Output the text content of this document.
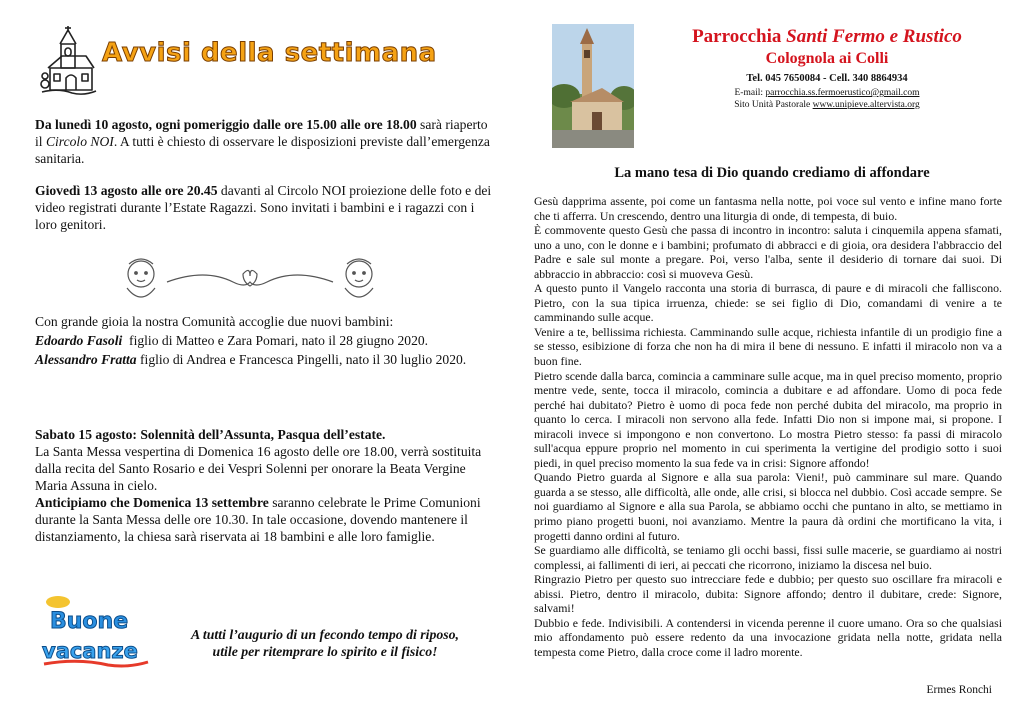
Avvisi della settimana

Da lunedì 10 agosto, ogni pomeriggio dalle ore 15.00 alle ore 18.00 sarà riaperto il Circolo NOI. A tutti è chiesto di osservare le disposizioni previste dall’emergenza sanitaria.

Giovedì 13 agosto alle ore 20.45 davanti al Circolo NOI proiezione delle foto e dei video registrati durante l’Estate Ragazzi. Sono invitati i bambini e i ragazzi con i loro genitori.

Con grande gioia la nostra Comunità accoglie due nuovi bambini:

Edoardo Fasoli figlio di Matteo e Zara Pomari, nato il 28 giugno 2020.

Alessandro Fratta figlio di Andrea e Francesca Pingelli, nato il 30 luglio 2020.

Sabato 15 agosto: Solennità dell’Assunta, Pasqua dell’estate.

La Santa Messa vespertina di Domenica 16 agosto delle ore 18.00, verrà sostituita dalla recita del Santo Rosario e dei Vespri Solenni per onorare la Beata Vergine Maria Assuna in cielo.

Anticipiamo che Domenica 13 settembre saranno celebrate le Prime Comunioni durante la Santa Messa delle ore 10.30. In tale occasione, dovendo mantenere il distanziamento, la chiesa sarà riservata ai 18 bambini e alle loro famiglie.

Buone
vacanze
A tutti l’augurio di un fecondo tempo di riposo,
utile per ritemprare lo spirito e il fisico!
Parrocchia Santi Fermo e Rustico
Colognola ai Colli
Tel. 045 7650084 - Cell. 340 8864934
E-mail: parrocchia.ss.fermoerustico@gmail.com
Sito Unità Pastorale www.unipieve.altervista.org
La mano tesa di Dio quando crediamo di affondare

Gesù dapprima assente, poi come un fantasma nella notte, poi voce sul vento e infine mano forte che ti afferra. Un crescendo, dentro una liturgia di onde, di tempesta, di buio.

È commovente questo Gesù che passa di incontro in incontro: saluta i cinquemila appena sfamati, uno a uno, con le donne e i bambini; profumato di abbracci e di gioia, ora desidera l'abbraccio del Padre e sale sul monte a pregare. Poi, verso l'alba, sente il desiderio di tornare dai suoi. Di abbraccio in abbraccio: così si muoveva Gesù.

A questo punto il Vangelo racconta una storia di burrasca, di paure e di miracoli che falliscono. Pietro, con la sua tipica irruenza, chiede: se sei figlio di Dio, comandami di venire a te camminando sulle acque.

Venire a te, bellissima richiesta. Camminando sulle acque, richiesta infantile di un prodigio fine a se stesso, esibizione di forza che non ha di mira il bene di nessuno. E infatti il miracolo non va a buon fine.

Pietro scende dalla barca, comincia a camminare sulle acque, ma in quel preciso momento, proprio mentre vede, sente, tocca il miracolo, comincia a dubitare e ad affondare. Uomo di poca fede perché hai dubitato? Pietro è uomo di poca fede non perché dubita del miracolo, ma proprio in quanto lo cerca. I miracoli non servono alla fede. Infatti Dio non si impone mai, si propone. I miracoli invece si impongono e non convertono. Lo mostra Pietro stesso: fa passi di miracolo sull'acqua eppure proprio nel momento in cui sperimenta la vertigine del prodigio sotto i suoi piedi, in quel preciso momento la sua fede va in crisi: Signore affondo!

Quando Pietro guarda al Signore e alla sua parola: Vieni!, può camminare sul mare. Quando guarda a se stesso, alle difficoltà, alle onde, alle crisi, si blocca nel dubbio. Così accade sempre. Se noi guardiamo al Signore e alla sua Parola, se abbiamo occhi che puntano in alto, se mettiamo in primo piano progetti buoni, noi avanziamo. Mentre la paura dà ordini che mortificano la vita, i progetti danno ordini al futuro.

Se guardiamo alle difficoltà, se teniamo gli occhi bassi, fissi sulle macerie, se guardiamo ai nostri complessi, ai fallimenti di ieri, ai peccati che ricorrono, iniziamo la discesa nel buio.

Ringrazio Pietro per questo suo intrecciare fede e dubbio; per questo suo oscillare fra miracoli e abissi. Pietro, dentro il miracolo, dubita: Signore affondo; dentro il dubitare, crede: Signore, salvami!

Dubbio e fede. Indivisibili. A contendersi in vicenda perenne il cuore umano. Ora so che qualsiasi mio affondamento può essere redento da una invocazione gridata nella notte, gridata nella tempesta come Pietro, dalla croce come il ladro morente.

Ermes Ronchi
